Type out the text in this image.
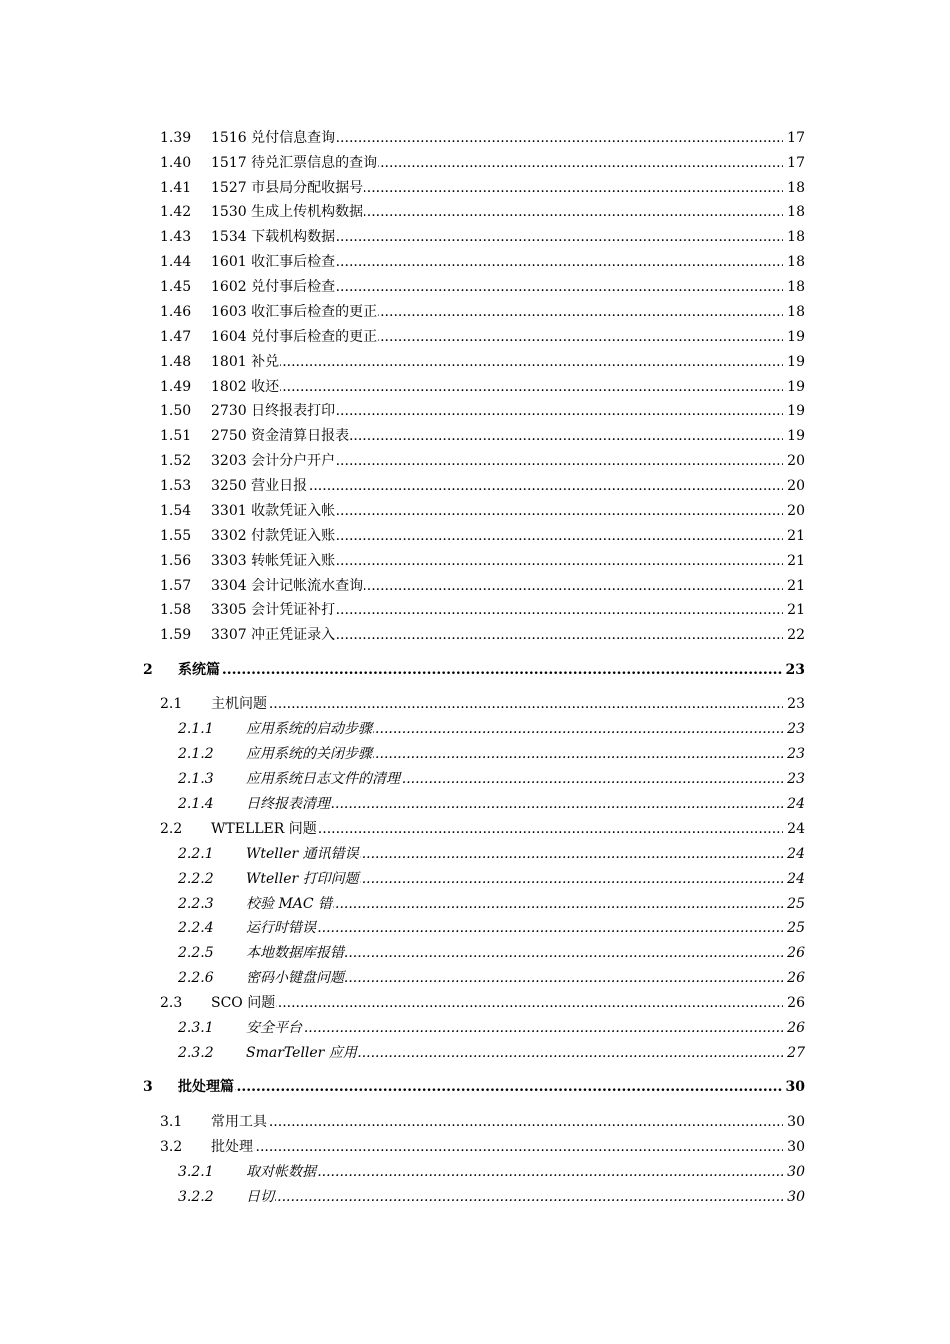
1.39 ..... 1516 兑付信息查询	17
1.40 ..... 1517 待兑汇票信息的查询	17
1.41 ..... 1527 市县局分配收据号	18
1.42 ..... 1530 生成上传机构数据	18
1.43 ..... 1534 下载机构数据	18
1.44 ..... 1601 收汇事后检查	18
1.45 ..... 1602 兑付事后检查	18
1.46 ..... 1603 收汇事后检查的更正	18
1.47 ..... 1604 兑付事后检查的更正	19
1.48 ..... 1801 补兑	19
1.49 ..... 1802 收还	19
1.50 ..... 2730 日终报表打印	19
1.51 ..... 2750 资金清算日报表	19
1.52 ..... 3203 会计分户开户	20
1.53 ..... 3250 营业日报	20
1.54 ..... 3301 收款凭证入帐	20
1.55 ..... 3302 付款凭证入账	21
1.56 ..... 3303 转帐凭证入账	21
1.57 ..... 3304 会计记帐流水查询	21
1.58 ..... 3305 会计凭证补打	21
1.59 ..... 3307 冲正凭证录入	22
2 ..... 系统篇	23
2.1 ..... 主机问题	23
2.1.1 ..... 应用系统的启动步骤	23
2.1.2 ..... 应用系统的关闭步骤	23
2.1.3 ..... 应用系统日志文件的清理	23
2.1.4 ..... 日终报表清理	24
2.2 ..... WTELLER 问题	24
2.2.1 ..... Wteller 通讯错误	24
2.2.2 ..... Wteller 打印问题	24
2.2.3 ..... 校验 MAC 错	25
2.2.4 ..... 运行时错误	25
2.2.5 ..... 本地数据库报错	26
2.2.6 ..... 密码小键盘问题	26
2.3 ..... SCO 问题	26
2.3.1 ..... 安全平台	26
2.3.2 ..... SmarTeller 应用	27
3 ..... 批处理篇	30
3.1 ..... 常用工具	30
3.2 ..... 批处理	30
3.2.1 ..... 取对帐数据	30
3.2.2 ..... 日切	30
